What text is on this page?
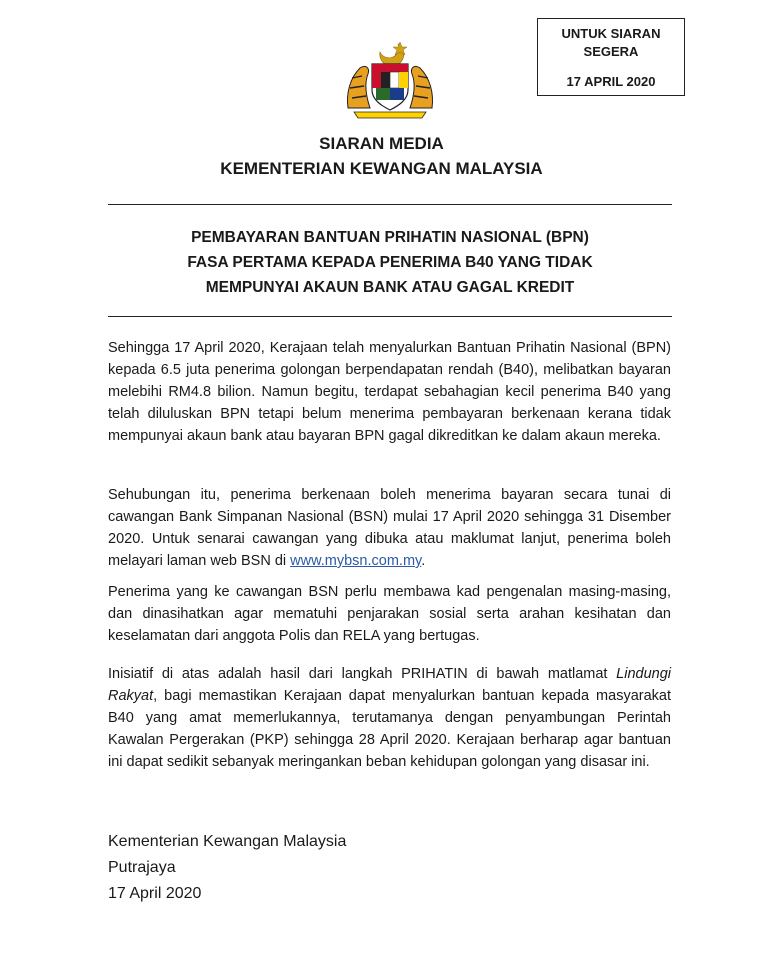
UNTUK SIARAN
SEGERA
17 APRIL 2020
SIARAN MEDIA
KEMENTERIAN KEWANGAN MALAYSIA
PEMBAYARAN BANTUAN PRIHATIN NASIONAL (BPN)
FASA PERTAMA KEPADA PENERIMA B40 YANG TIDAK
MEMPUNYAI AKAUN BANK ATAU GAGAL KREDIT

Sehingga 17 April 2020, Kerajaan telah menyalurkan Bantuan Prihatin Nasional (BPN) kepada 6.5 juta penerima golongan berpendapatan rendah (B40), melibatkan bayaran melebihi RM4.8 bilion. Namun begitu, terdapat sebahagian kecil penerima B40 yang telah diluluskan BPN tetapi belum menerima pembayaran berkenaan kerana tidak mempunyai akaun bank atau bayaran BPN gagal dikreditkan ke dalam akaun mereka.

Sehubungan itu, penerima berkenaan boleh menerima bayaran secara tunai di cawangan Bank Simpanan Nasional (BSN) mulai 17 April 2020 sehingga 31 Disember 2020. Untuk senarai cawangan yang dibuka atau maklumat lanjut, penerima boleh melayari laman web BSN di www.mybsn.com.my.

Penerima yang ke cawangan BSN perlu membawa kad pengenalan masing-masing, dan dinasihatkan agar mematuhi penjarakan sosial serta arahan kesihatan dan keselamatan dari anggota Polis dan RELA yang bertugas.

Inisiatif di atas adalah hasil dari langkah PRIHATIN di bawah matlamat Lindungi Rakyat, bagi memastikan Kerajaan dapat menyalurkan bantuan kepada masyarakat B40 yang amat memerlukannya, terutamanya dengan penyambungan Perintah Kawalan Pergerakan (PKP) sehingga 28 April 2020. Kerajaan berharap agar bantuan ini dapat sedikit sebanyak meringankan beban kehidupan golongan yang disasar ini.

Kementerian Kewangan Malaysia
Putrajaya
17 April 2020
